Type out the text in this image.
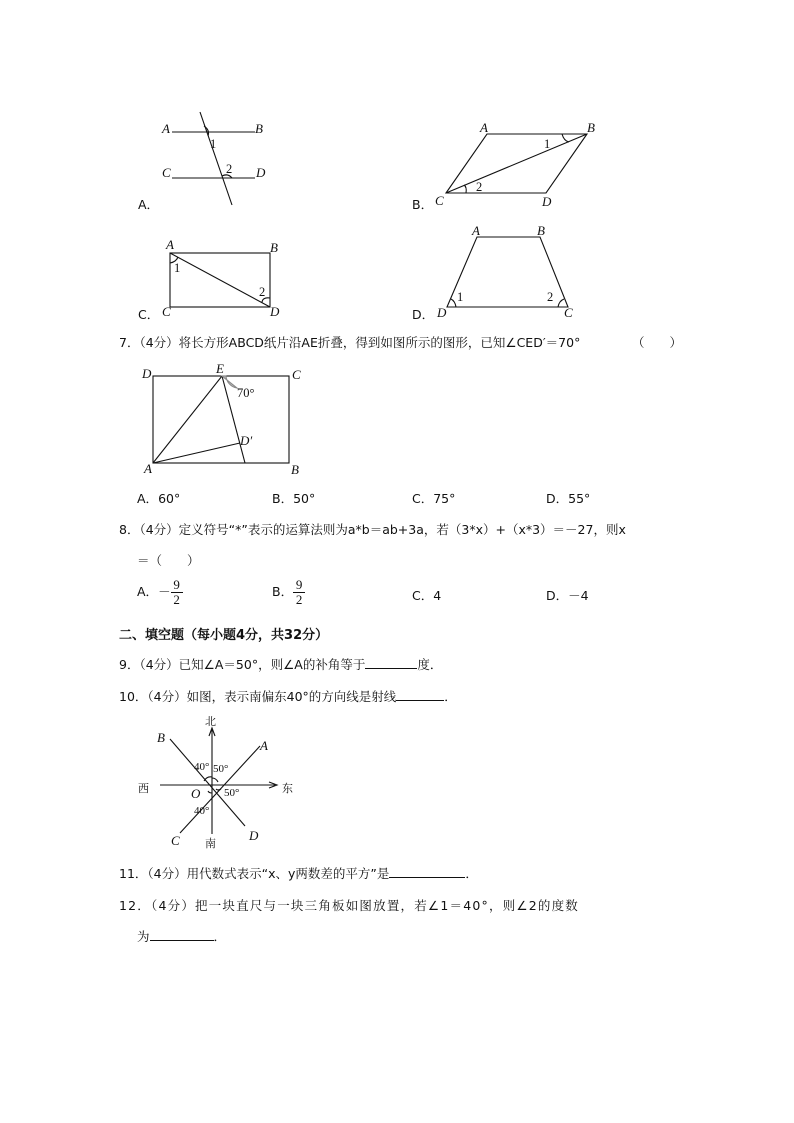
A	B
C	D
1
2
A．
A	B
C	D
1
2
B．
A	B
C	D
1
2
C．
A	B
C
D
1	2
D．
7．（4分）将长方形ABCD纸片沿AE折叠，得到如图所示的图形，已知∠CED′＝70°	（　　）
D	E	C
70°
D′
A	B
A．60°	B．50°	C．75°	D．55°
8．（4分）定义符号“*”表示的运算法则为a*b＝ab+3a，若（3*x）+（x*3）＝－27，则x
＝（　　）
A．－ $\frac{9}{2}$	B． $\frac{9}{2}$	C．4	D．－4
二、填空题（每小题4分，共32分）
9．（4分）已知∠A＝50°，则∠A的补角等于	度．
10．（4分）如图，表示南偏东40°的方向线是射线	．
北
B
A
40° 50°
西	O 50°	东
40°
C 南
D
11．（4分）用代数式表示“x、y两数差的平方”是	．
12．（4分）把一块直尺与一块三角板如图放置，若∠1＝40°，则∠2的度数
为	．
